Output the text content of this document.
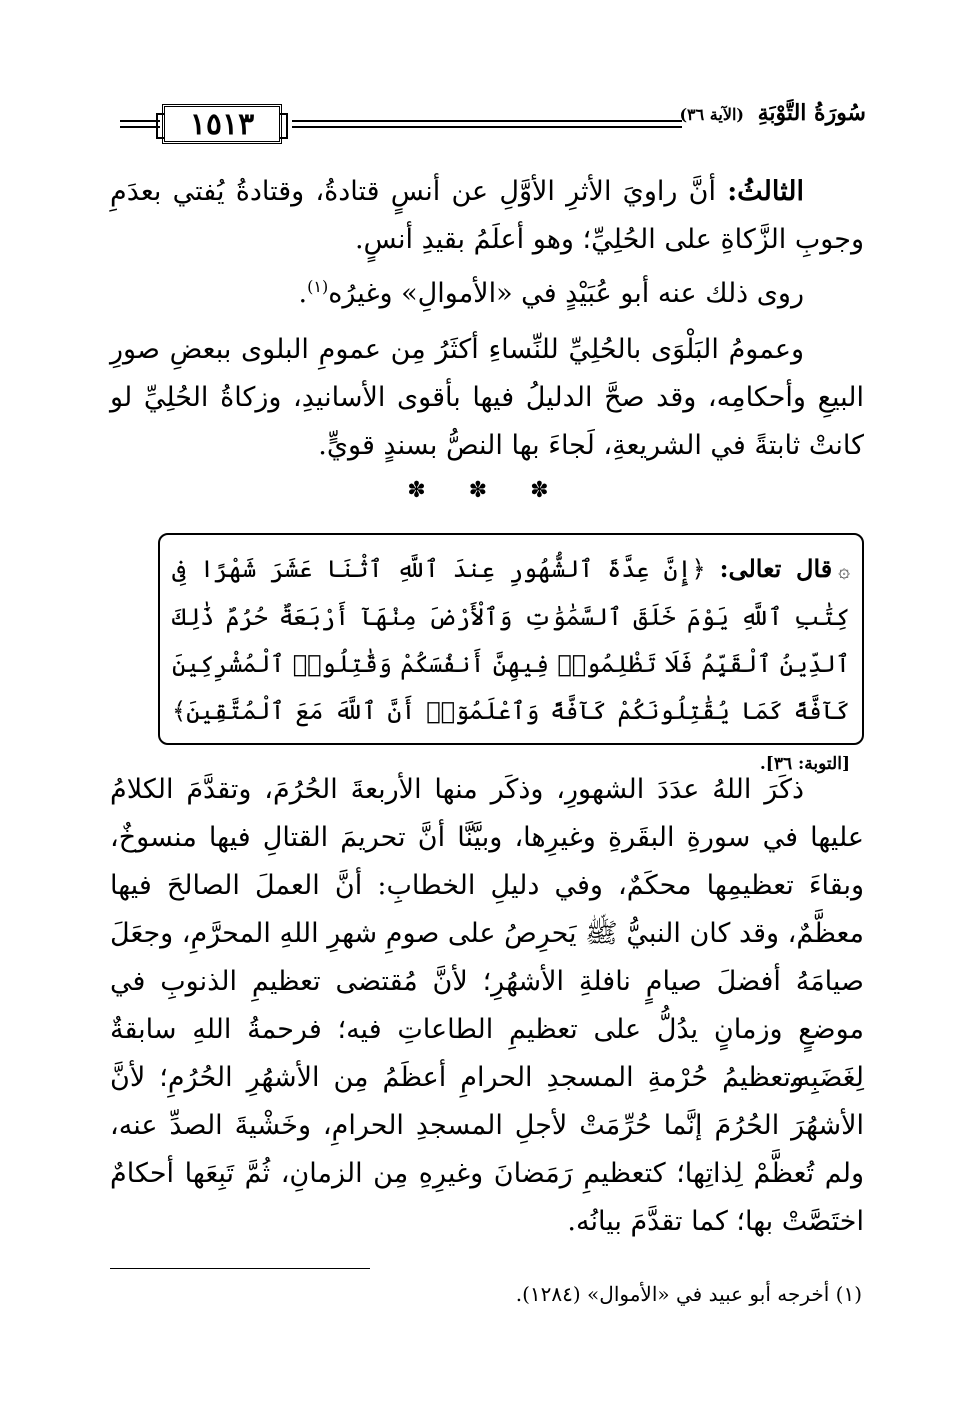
١٥١٣	سُورَةُ التَّوْبَةِ (الآية ٣٦)

الثالثُ: أنَّ راويَ الأثرِ الأوَّلِ عن أنسٍ قتادةُ، وقتادةُ يُفتي بعدَمِ وجوبِ الزَّكاةِ على الحُلِيِّ؛ وهو أعلَمُ بقيدِ أنسٍ.

روى ذلك عنه أبو عُبَيْدٍ في «الأموالِ» وغيرُه$^{(١)}$.

وعمومُ البَلْوَى بالحُلِيِّ للنِّساءِ أكثَرُ مِن عمومِ البلوى ببعضِ صورِ البيعِ وأحكامِه، وقد صحَّ الدليلُ فيها بأقوى الأسانيدِ، وزكاةُ الحُلِيِّ لو كانتْ ثابتةً في الشريعةِ، لَجاءَ بها النصُّ بسندٍ قويٍّ.

✽ ✽ ✽
۞قال تعالى: ﴿إِنَّ عِدَّةَ ٱلشُّهُورِ عِندَ ٱللَّهِ ٱثْنَا عَشَرَ شَهْرًا فِى كِتَٰبِ ٱللَّهِ يَوْمَ خَلَقَ ٱلسَّمَٰوَٰتِ وَٱلْأَرْضَ مِنْهَآ أَرْبَعَةٌ حُرُمٌ ذَٰلِكَ ٱلدِّينُ ٱلْقَيِّمُ فَلَا تَظْلِمُوا۟ فِيهِنَّ أَنفُسَكُمْ وَقَٰتِلُوا۟ ٱلْمُشْرِكِينَ كَآفَّةً كَمَا يُقَٰتِلُونَكُمْ كَآفَّةً وَٱعْلَمُوٓا۟ أَنَّ ٱللَّهَ مَعَ ٱلْمُتَّقِينَ﴾ [التوبة: ٣٦].

ذكَرَ اللهُ عدَدَ الشهورِ، وذكَر منها الأربعةَ الحُرُمَ، وتقدَّمَ الكلامُ عليها في سورةِ البقَرةِ وغيرِها، وبيَّنَّا أنَّ تحريمَ القتالِ فيها منسوخٌ، وبقاءَ تعظيمِها محكَمٌ، وفي دليلِ الخطابِ: أنَّ العملَ الصالحَ فيها معظَّمٌ، وقد كان النبيُّ ﷺ يَحرِصُ على صومِ شهرِ اللهِ المحرَّمِ، وجعَلَ صيامَهُ أفضلَ صيامٍ نافلةِ الأشهُرِ؛ لأنَّ مُقتضى تعظيمِ الذنوبِ في موضعٍ وزمانٍ يدُلُّ على تعظيمِ الطاعاتِ فيه؛ فرحمةُ اللهِ سابقةٌ لِغَضَبِه.

وتعظيمُ حُرْمةِ المسجدِ الحرامِ أعظَمُ مِن الأشهُرِ الحُرُمِ؛ لأنَّ الأشهُرَ الحُرُمَ إنَّما حُرِّمَتْ لأجلِ المسجدِ الحرامِ، وخَشْيةَ الصدِّ عنه، ولم تُعظَّمْ لِذاتِها؛ كتعظيمِ رَمَضانَ وغيرِهِ مِن الزمانِ، ثُمَّ تَبِعَها أحكامٌ اختَصَّتْ بها؛ كما تقدَّمَ بيانُه.

(١) أخرجه أبو عبيد في «الأموال» (١٢٨٤).
